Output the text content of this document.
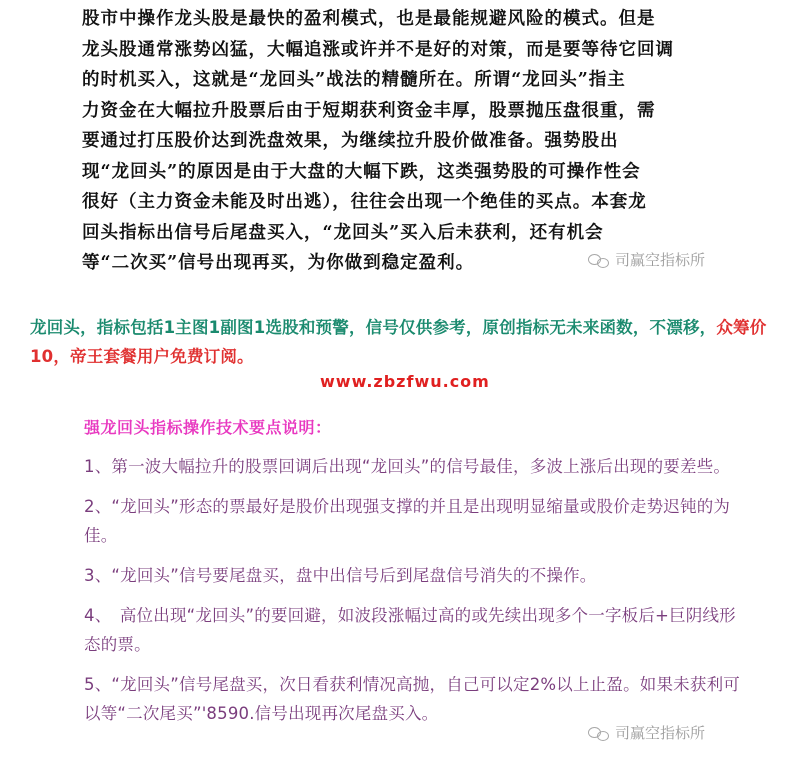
股市中操作龙头股是最快的盈利模式，也是最能规避风险的模式。但是
龙头股通常涨势凶猛，大幅追涨或许并不是好的对策，而是要等待它回调
的时机买入，这就是“龙回头”战法的精髓所在。所谓“龙回头”指主
力资金在大幅拉升股票后由于短期获利资金丰厚，股票抛压盘很重，需
要通过打压股价达到洗盘效果，为继续拉升股价做准备。强势股出
现“龙回头”的原因是由于大盘的大幅下跌，这类强势股的可操作性会
很好（主力资金未能及时出逃），往往会出现一个绝佳的买点。本套龙
回头指标出信号后尾盘买入，“龙回头”买入后未获利，还有机会
等“二次买”信号出现再买，为你做到稳定盈利。	司赢空指标所
龙回头，指标包括1主图1副图1选股和预警，信号仅供参考，原创指标无未来函数，不漂移，众筹价10，帝王套餐用户免费订阅。
www.zbzfwu.com
强龙回头指标操作技术要点说明：
1、第一波大幅拉升的股票回调后出现“龙回头”的信号最佳，多波上涨后出现的要差些。
2、“龙回头”形态的票最好是股价出现强支撑的并且是出现明显缩量或股价走势迟钝的为佳。
3、“龙回头”信号要尾盘买，盘中出信号后到尾盘信号消失的不操作。
4、　高位出现“龙回头”的要回避，如波段涨幅过高的或先续出现多个一字板后+巨阴线形态的票。
5、“龙回头”信号尾盘买，次日看获利情况高抛，自己可以定2%以上止盈。如果未获利可以等“二次尾买”'8590.信号出现再次尾盘买入。
司赢空指标所
